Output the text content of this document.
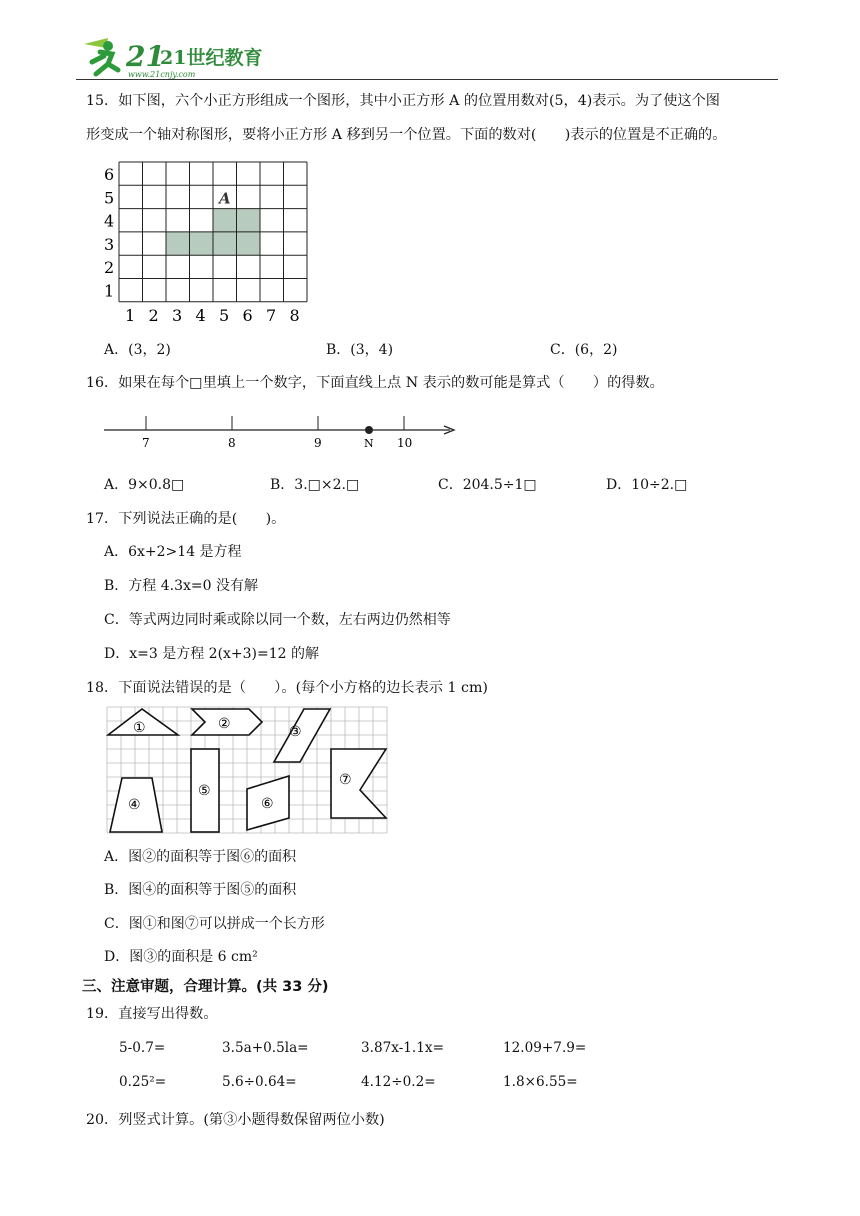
21
21世纪教育
www.21cnjy.com
15．如下图，六个小正方形组成一个图形，其中小正方形 A 的位置用数对(5，4)表示。为了使这个图
形变成一个轴对称图形，要将小正方形 A 移到另一个位置。下面的数对(　　)表示的位置是不正确的。
1 2 3 4 5 6 7 8
1
2
3
4
5
6
A
A．(3，2)	B．(3，4)	C．(6，2)
16．如果在每个□里填上一个数字，下面直线上点 N 表示的数可能是算式（　　）的得数。
7	8	9	10
N
A．9×0.8□	B．3.□×2.□	C．204.5÷1□	D．10÷2.□
17．下列说法正确的是(　　)。
A．6x+2>14 是方程
B．方程 4.3x=0 没有解
C．等式两边同时乘或除以同一个数，左右两边仍然相等
D．x=3 是方程 2(x+3)=12 的解
18．下面说法错误的是（　　）。(每个小方格的边长表示 1 cm)
①	②	③
④
⑤
⑥
⑦
A．图②的面积等于图⑥的面积
B．图④的面积等于图⑤的面积
C．图①和图⑦可以拼成一个长方形
D．图③的面积是 6 cm²
三、注意审题，合理计算。(共 33 分)
19．直接写出得数。
5-0.7=	3.5a+0.5la=	3.87x-1.1x=	12.09+7.9=
0.25²=	5.6÷0.64=	4.12÷0.2=	1.8×6.55=
20．列竖式计算。(第③小题得数保留两位小数)
